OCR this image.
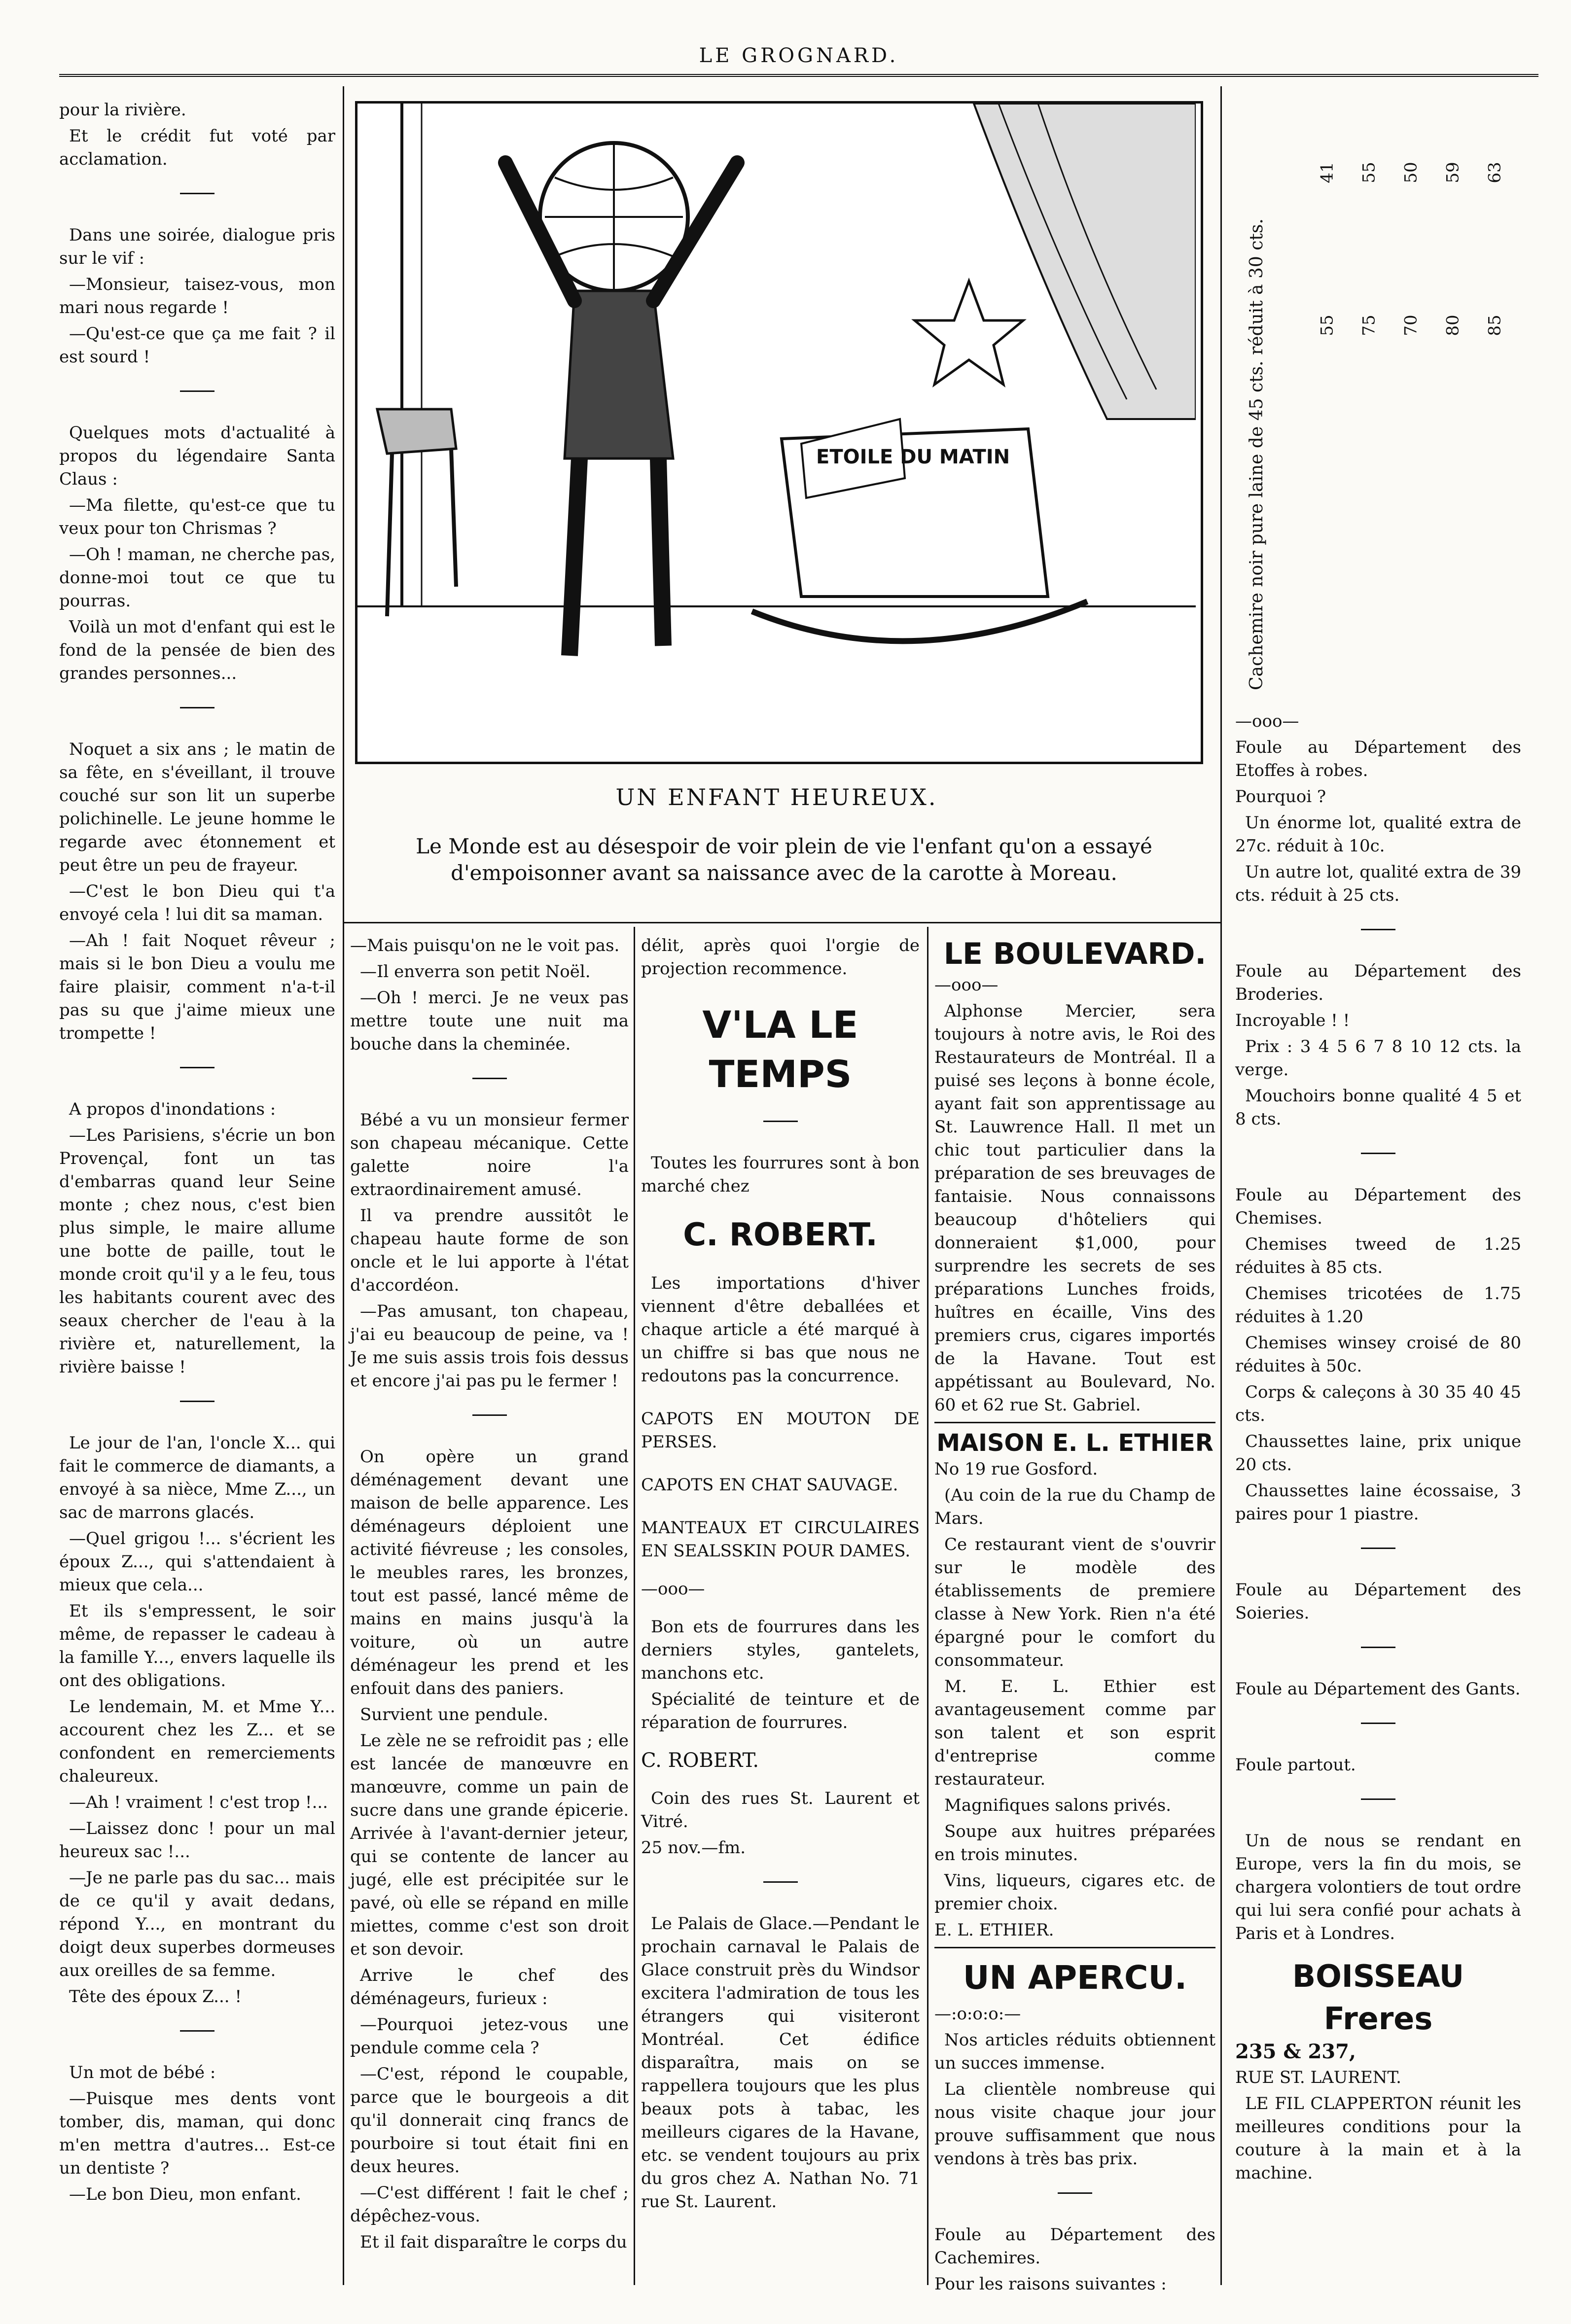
LE GROGNARD.

pour la rivière.

Et le crédit fut voté par acclamation.

Dans une soirée, dialogue pris sur le vif :

—Monsieur, taisez-vous, mon mari nous regarde !

—Qu'est-ce que ça me fait ? il est sourd !

Quelques mots d'actualité à propos du légendaire Santa Claus :

—Ma filette, qu'est-ce que tu veux pour ton Chrismas ?

—Oh ! maman, ne cherche pas, donne-moi tout ce que tu pourras.

Voilà un mot d'enfant qui est le fond de la pensée de bien des grandes personnes...

Noquet a six ans ; le matin de sa fête, en s'éveillant, il trouve couché sur son lit un superbe polichinelle. Le jeune homme le regarde avec étonnement et peut être un peu de frayeur.

—C'est le bon Dieu qui t'a envoyé cela ! lui dit sa maman.

—Ah ! fait Noquet rêveur ; mais si le bon Dieu a voulu me faire plaisir, comment n'a-t-il pas su que j'aime mieux une trompette !

A propos d'inondations :

—Les Parisiens, s'écrie un bon Provençal, font un tas d'embarras quand leur Seine monte ; chez nous, c'est bien plus simple, le maire allume une botte de paille, tout le monde croit qu'il y a le feu, tous les habitants courent avec des seaux chercher de l'eau à la rivière et, naturellement, la rivière baisse !

Le jour de l'an, l'oncle X... qui fait le commerce de diamants, a envoyé à sa nièce, Mme Z..., un sac de marrons glacés.

—Quel grigou !... s'écrient les époux Z..., qui s'attendaient à mieux que cela...

Et ils s'empressent, le soir même, de repasser le cadeau à la famille Y..., envers laquelle ils ont des obligations.

Le lendemain, M. et Mme Y... accourent chez les Z... et se confondent en remerciements chaleureux.

—Ah ! vraiment ! c'est trop !...

—Laissez donc ! pour un mal heureux sac !...

—Je ne parle pas du sac... mais de ce qu'il y avait dedans, répond Y..., en montrant du doigt deux superbes dormeuses aux oreilles de sa femme.

Tête des époux Z... !

Un mot de bébé :

—Puisque mes dents vont tomber, dis, maman, qui donc m'en mettra d'autres... Est-ce un dentiste ?

—Le bon Dieu, mon enfant.

ETOILE DU MATIN
UN ENFANT HEUREUX.
Le Monde est au désespoir de voir plein de vie l'enfant qu'on a essayé d'empoisonner avant sa naissance avec de la carotte à Moreau.

—Mais puisqu'on ne le voit pas.

—Il enverra son petit Noël.

—Oh ! merci. Je ne veux pas mettre toute une nuit ma bouche dans la cheminée.

Bébé a vu un monsieur fermer son chapeau mécanique. Cette galette noire l'a extraordinairement amusé.

Il va prendre aussitôt le chapeau haute forme de son oncle et le lui apporte à l'état d'accordéon.

—Pas amusant, ton chapeau, j'ai eu beaucoup de peine, va ! Je me suis assis trois fois dessus et encore j'ai pas pu le fermer !

On opère un grand déménagement devant une maison de belle apparence. Les déménageurs déploient une activité fiévreuse ; les consoles, le meubles rares, les bronzes, tout est passé, lancé même de mains en mains jusqu'à la voiture, où un autre déménageur les prend et les enfouit dans des paniers.

Survient une pendule.

Le zèle ne se refroidit pas ; elle est lancée de manœuvre en manœuvre, comme un pain de sucre dans une grande épicerie. Arrivée à l'avant-dernier jeteur, qui se contente de lancer au jugé, elle est précipitée sur le pavé, où elle se répand en mille miettes, comme c'est son droit et son devoir.

Arrive le chef des déménageurs, furieux :

—Pourquoi jetez-vous une pendule comme cela ?

—C'est, répond le coupable, parce que le bourgeois a dit qu'il donnerait cinq francs de pourboire si tout était fini en deux heures.

—C'est différent ! fait le chef ; dépêchez-vous.

Et il fait disparaître le corps du

délit, après quoi l'orgie de projection recommence.

V'LA LE TEMPS

Toutes les fourrures sont à bon marché chez

C. ROBERT.

Les importations d'hiver viennent d'être deballées et chaque article a été marqué à un chiffre si bas que nous ne redoutons pas la concurrence.

CAPOTS EN MOUTON DE PERSES.

CAPOTS EN CHAT SAUVAGE.

MANTEAUX ET CIRCULAIRES EN SEALSSKIN POUR DAMES.

—ooo—

Bon ets de fourrures dans les derniers styles, gantelets, manchons etc.

Spécialité de teinture et de réparation de fourrures.

C. ROBERT.

Coin des rues St. Laurent et Vitré.

25 nov.—fm.

Le Palais de Glace.—Pendant le prochain carnaval le Palais de Glace construit près du Windsor excitera l'admiration de tous les étrangers qui visiteront Montréal. Cet édifice disparaîtra, mais on se rappellera toujours que les plus beaux pots à tabac, les meilleurs cigares de la Havane, etc. se vendent toujours au prix du gros chez A. Nathan No. 71 rue St. Laurent.

LE BOULEVARD.

—ooo—

Alphonse Mercier, sera toujours à notre avis, le Roi des Restaurateurs de Montréal. Il a puisé ses leçons à bonne école, ayant fait son apprentissage au St. Lauwrence Hall. Il met un chic tout particulier dans la préparation de ses breuvages de fantaisie. Nous connaissons beaucoup d'hôteliers qui donneraient $1,000, pour surprendre les secrets de ses préparations Lunches froids, huîtres en écaille, Vins des premiers crus, cigares importés de la Havane. Tout est appétissant au Boulevard, No. 60 et 62 rue St. Gabriel.

MAISON E. L. ETHIER

No 19 rue Gosford.

(Au coin de la rue du Champ de Mars.

Ce restaurant vient de s'ouvrir sur le modèle des établissements de premiere classe à New York. Rien n'a été épargné pour le comfort du consommateur.

M. E. L. Ethier est avantageusement comme par son talent et son esprit d'entreprise comme restaurateur.

Magnifiques salons privés.

Soupe aux huitres préparées en trois minutes.

Vins, liqueurs, cigares etc. de premier choix.

E. L. ETHIER.

UN APERCU.

—:o:o:o:—

Nos articles réduits obtiennent un succes immense.

La clientèle nombreuse qui nous visite chaque jour jour prouve suffisamment que nous vendons à très bas prix.

Foule au Département des Cachemires.

Pour les raisons suivantes :

Cachemire noir pure laine de 45 cts. réduit à 30 cts.	55 75 70 80 85
41 55 50 59 63

—ooo—

Foule au Département des Etoffes à robes.

Pourquoi ?

Un énorme lot, qualité extra de 27c. réduit à 10c.

Un autre lot, qualité extra de 39 cts. réduit à 25 cts.

Foule au Département des Broderies.

Incroyable ! !

Prix : 3 4 5 6 7 8 10 12 cts. la verge.

Mouchoirs bonne qualité 4 5 et 8 cts.

Foule au Département des Chemises.

Chemises tweed de 1.25 réduites à 85 cts.

Chemises tricotées de 1.75 réduites à 1.20

Chemises winsey croisé de 80 réduites à 50c.

Corps & caleçons à 30 35 40 45 cts.

Chaussettes laine, prix unique 20 cts.

Chaussettes laine écossaise, 3 paires pour 1 piastre.

Foule au Département des Soieries.

Foule au Département des Gants.

Foule partout.

Un de nous se rendant en Europe, vers la fin du mois, se chargera volontiers de tout ordre qui lui sera confié pour achats à Paris et à Londres.

BOISSEAU Freres

235 & 237,

RUE ST. LAURENT.

LE FIL CLAPPERTON réunit les meilleures conditions pour la couture à la main et à la machine.
